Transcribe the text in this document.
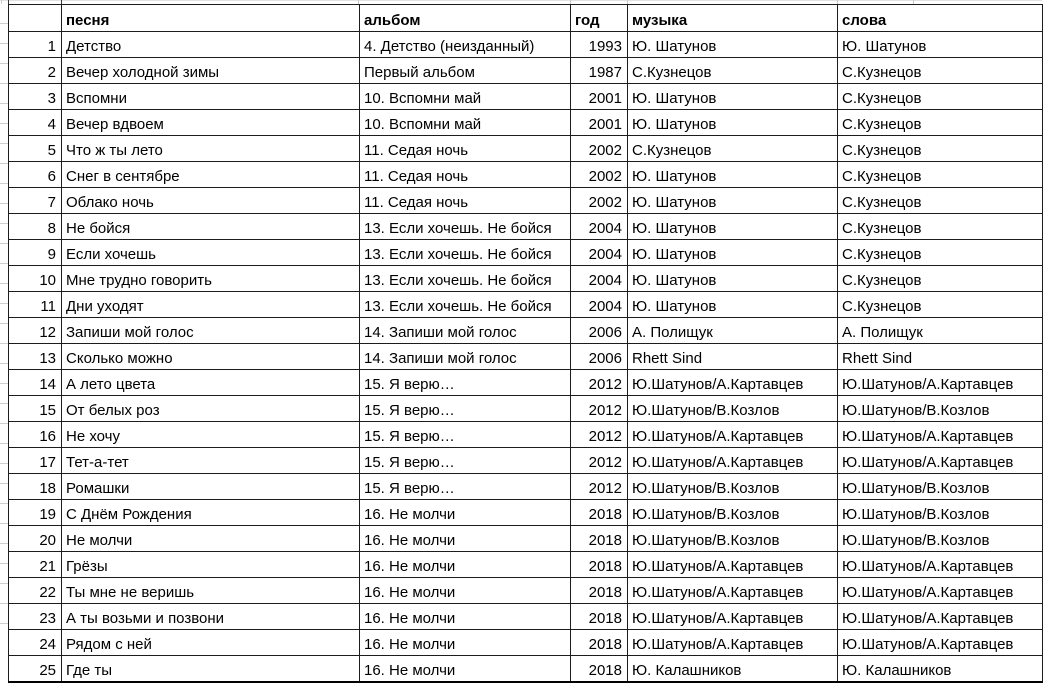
	песня	альбом	год	музыка	слова
1	Детство	4. Детство (неизданный)	1993	Ю. Шатунов	Ю. Шатунов
2	Вечер холодной зимы	Первый альбом	1987	С.Кузнецов	С.Кузнецов
3	Вспомни	10. Вспомни май	2001	Ю. Шатунов	С.Кузнецов
4	Вечер вдвоем	10. Вспомни май	2001	Ю. Шатунов	С.Кузнецов
5	Что ж ты лето	11. Седая ночь	2002	С.Кузнецов	С.Кузнецов
6	Снег в сентябре	11. Седая ночь	2002	Ю. Шатунов	С.Кузнецов
7	Облако ночь	11. Седая ночь	2002	Ю. Шатунов	С.Кузнецов
8	Не бойся	13. Если хочешь. Не бойся	2004	Ю. Шатунов	С.Кузнецов
9	Если хочешь	13. Если хочешь. Не бойся	2004	Ю. Шатунов	С.Кузнецов
10	Мне трудно говорить	13. Если хочешь. Не бойся	2004	Ю. Шатунов	С.Кузнецов
11	Дни уходят	13. Если хочешь. Не бойся	2004	Ю. Шатунов	С.Кузнецов
12	Запиши мой голос	14. Запиши мой голос	2006	А. Полищук	А. Полищук
13	Сколько можно	14. Запиши мой голос	2006	Rhett Sind	Rhett Sind
14	А лето цвета	15. Я верю…	2012	Ю.Шатунов/А.Картавцев	Ю.Шатунов/А.Картавцев
15	От белых роз	15. Я верю…	2012	Ю.Шатунов/В.Козлов	Ю.Шатунов/В.Козлов
16	Не хочу	15. Я верю…	2012	Ю.Шатунов/А.Картавцев	Ю.Шатунов/А.Картавцев
17	Тет-а-тет	15. Я верю…	2012	Ю.Шатунов/А.Картавцев	Ю.Шатунов/А.Картавцев
18	Ромашки	15. Я верю…	2012	Ю.Шатунов/В.Козлов	Ю.Шатунов/В.Козлов
19	С Днём Рождения	16. Не молчи	2018	Ю.Шатунов/В.Козлов	Ю.Шатунов/В.Козлов
20	Не молчи	16. Не молчи	2018	Ю.Шатунов/В.Козлов	Ю.Шатунов/В.Козлов
21	Грёзы	16. Не молчи	2018	Ю.Шатунов/А.Картавцев	Ю.Шатунов/А.Картавцев
22	Ты мне не веришь	16. Не молчи	2018	Ю.Шатунов/А.Картавцев	Ю.Шатунов/А.Картавцев
23	А ты возьми и позвони	16. Не молчи	2018	Ю.Шатунов/А.Картавцев	Ю.Шатунов/А.Картавцев
24	Рядом с ней	16. Не молчи	2018	Ю.Шатунов/А.Картавцев	Ю.Шатунов/А.Картавцев
25	Где ты	16. Не молчи	2018	Ю. Калашников	Ю. Калашников
